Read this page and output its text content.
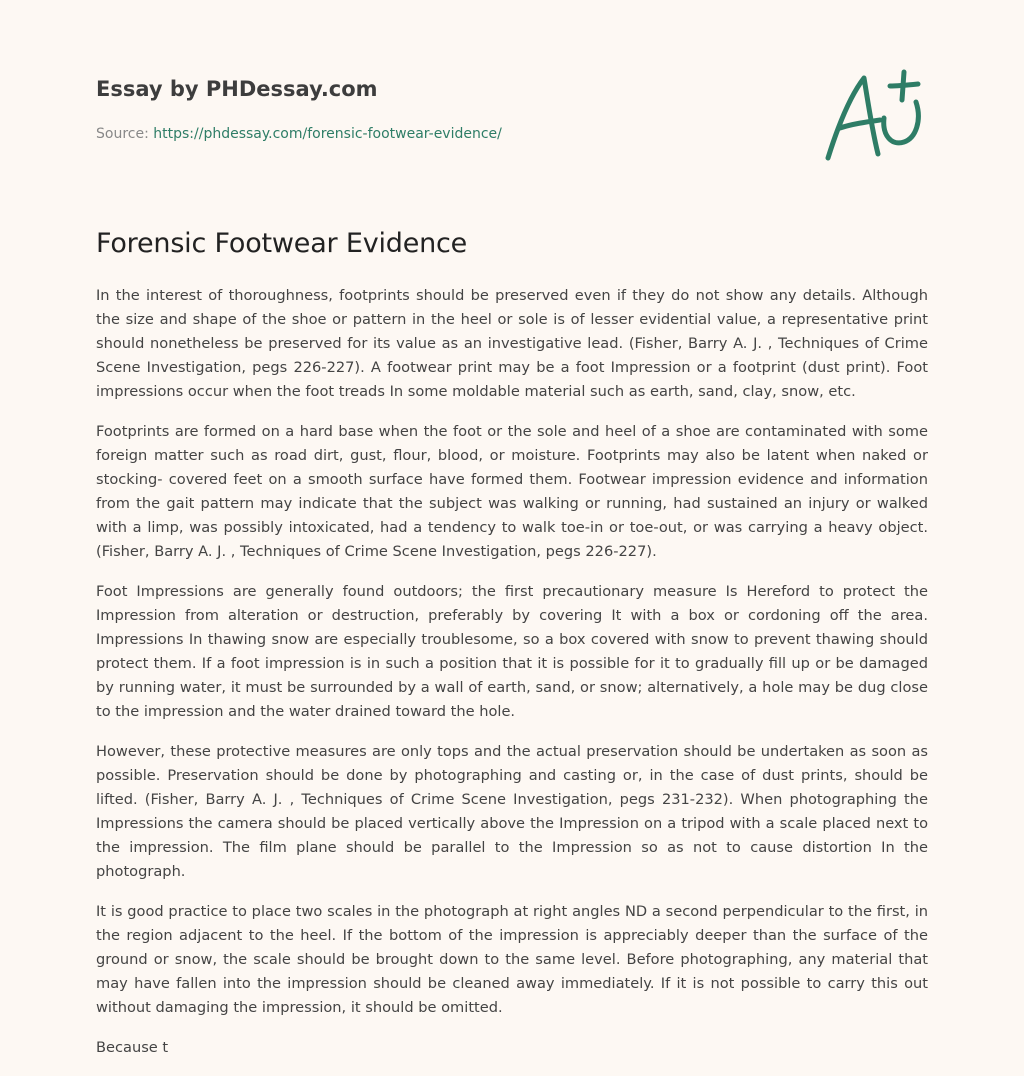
Essay by PHDessay.com
Source: https://phdessay.com/forensic-footwear-evidence/
Forensic Footwear Evidence

In the interest of thoroughness, footprints should be preserved even if they do not show any details. Although the size and shape of the shoe or pattern in the heel or sole is of lesser evidential value, a representative print should nonetheless be preserved for its value as an investigative lead. (Fisher, Barry A. J. , Techniques of Crime Scene Investigation, pegs 226-227). A footwear print may be a foot Impression or a footprint (dust print). Foot impressions occur when the foot treads In some moldable material such as earth, sand, clay, snow, etc.

Footprints are formed on a hard base when the foot or the sole and heel of a shoe are contaminated with some foreign matter such as road dirt, gust, flour, blood, or moisture. Footprints may also be latent when naked or stocking- covered feet on a smooth surface have formed them. Footwear impression evidence and information from the gait pattern may indicate that the subject was walking or running, had sustained an injury or walked with a limp, was possibly intoxicated, had a tendency to walk toe-in or toe-out, or was carrying a heavy object. (Fisher, Barry A. J. , Techniques of Crime Scene Investigation, pegs 226-227).

Foot Impressions are generally found outdoors; the first precautionary measure Is Hereford to protect the Impression from alteration or destruction, preferably by covering It with a box or cordoning off the area. Impressions In thawing snow are especially troublesome, so a box covered with snow to prevent thawing should protect them. If a foot impression is in such a position that it is possible for it to gradually fill up or be damaged by running water, it must be surrounded by a wall of earth, sand, or snow; alternatively, a hole may be dug close to the impression and the water drained toward the hole.

However, these protective measures are only tops and the actual preservation should be undertaken as soon as possible. Preservation should be done by photographing and casting or, in the case of dust prints, should be lifted. (Fisher, Barry A. J. , Techniques of Crime Scene Investigation, pegs 231-232). When photographing the Impressions the camera should be placed vertically above the Impression on a tripod with a scale placed next to the impression. The film plane should be parallel to the Impression so as not to cause distortion In the photograph.

It is good practice to place two scales in the photograph at right angles ND a second perpendicular to the first, in the region adjacent to the heel. If the bottom of the impression is appreciably deeper than the surface of the ground or snow, the scale should be brought down to the same level. Before photographing, any material that may have fallen into the impression should be cleaned away immediately. If it is not possible to carry this out without damaging the impression, it should be omitted.

Because t
